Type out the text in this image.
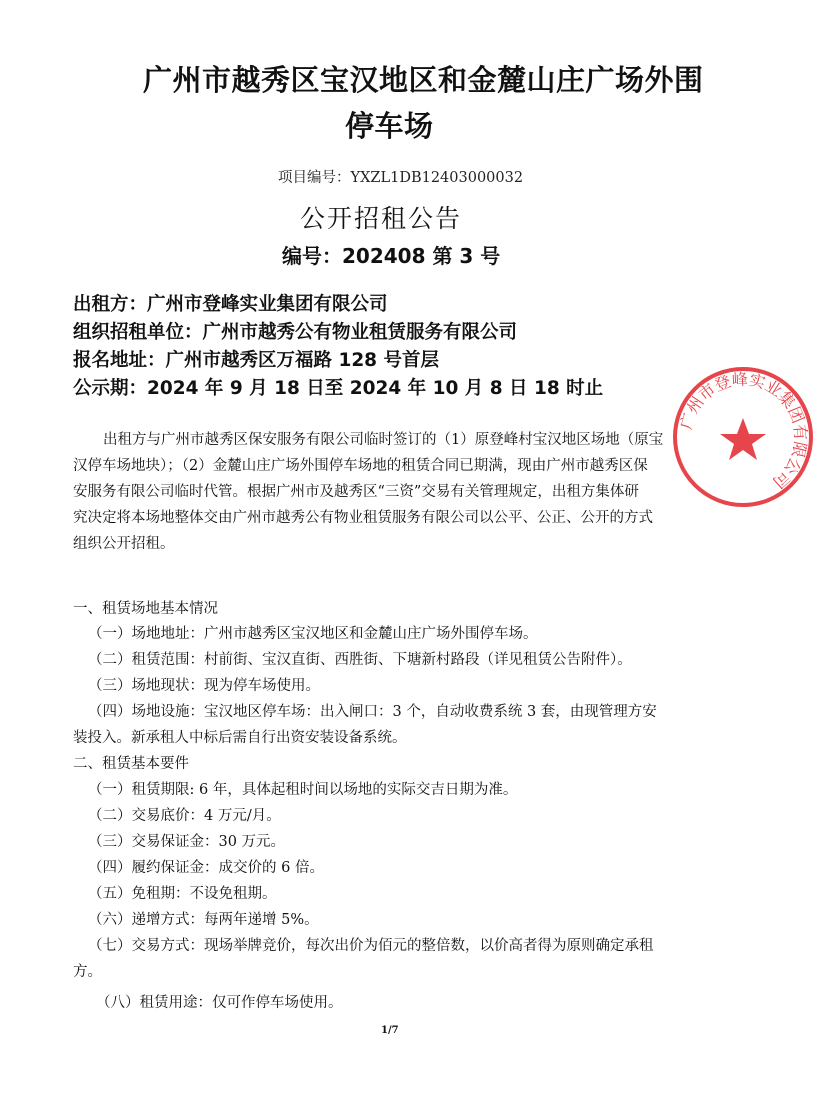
广州市越秀区宝汉地区和金麓山庄广场外围
停车场
项目编号：YXZL1DB12403000032
公开招租公告
编号：202408 第 3 号
出租方：广州市登峰实业集团有限公司
组织招租单位：广州市越秀公有物业租赁服务有限公司
报名地址：广州市越秀区万福路 128 号首层
公示期：2024 年 9 月 18 日至 2024 年 10 月 8 日 18 时止
出租方与广州市越秀区保安服务有限公司临时签订的（1）原登峰村宝汉地区场地（原宝
汉停车场地块）；（2）金麓山庄广场外围停车场地的租赁合同已期满，现由广州市越秀区保
安服务有限公司临时代管。根据广州市及越秀区“三资”交易有关管理规定，出租方集体研
究决定将本场地整体交由广州市越秀公有物业租赁服务有限公司以公平、公正、公开的方式
组织公开招租。
一、租赁场地基本情况
（一）场地地址：广州市越秀区宝汉地区和金麓山庄广场外围停车场。
（二）租赁范围：村前街、宝汉直街、西胜街、下塘新村路段（详见租赁公告附件）。
（三）场地现状：现为停车场使用。
（四）场地设施：宝汉地区停车场：出入闸口：3 个，自动收费系统 3 套，由现管理方安
装投入。新承租人中标后需自行出资安装设备系统。
二、租赁基本要件
（一）租赁期限: 6 年，具体起租时间以场地的实际交吉日期为准。
（二）交易底价：4 万元/月。
（三）交易保证金：30 万元。
（四）履约保证金：成交价的 6 倍。
（五）免租期：不设免租期。
（六）递增方式：每两年递增 5%。
（七）交易方式：现场举牌竞价，每次出价为佰元的整倍数，以价高者得为原则确定承租
方。
（八）租赁用途：仅可作停车场使用。
1/7
广州市登峰实业集团有限公司
